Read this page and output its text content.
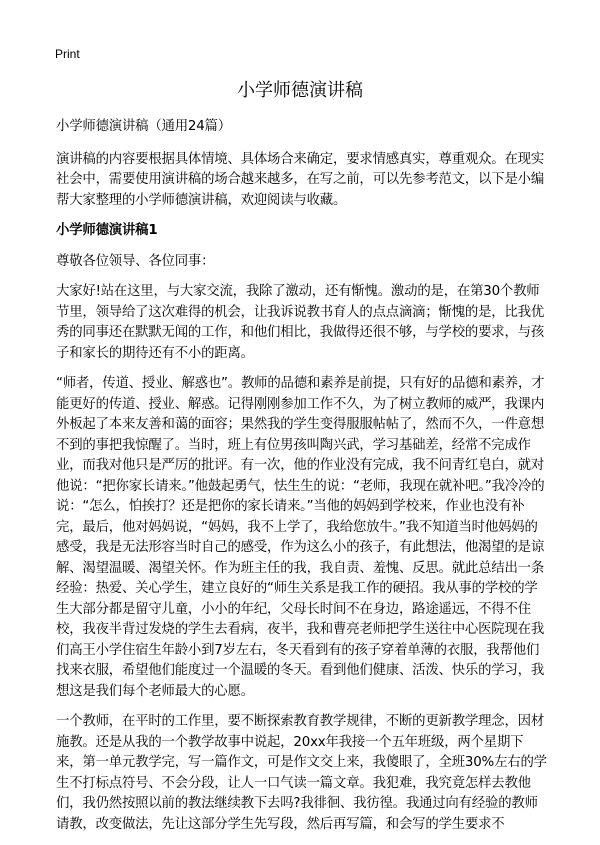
Print
小学师德演讲稿

小学师德演讲稿（通用24篇）

演讲稿的内容要根据具体情境、具体场合来确定，要求情感真实，尊重观众。在现实社会中，需要使用演讲稿的场合越来越多，在写之前，可以先参考范文，以下是小编帮大家整理的小学师德演讲稿，欢迎阅读与收藏。

小学师德演讲稿1

尊敬各位领导、各位同事：

大家好!站在这里，与大家交流，我除了激动，还有惭愧。激动的是，在第30个教师节里，领导给了这次难得的机会，让我诉说教书育人的点点滴滴；惭愧的是，比我优秀的同事还在默默无闻的工作，和他们相比，我做得还很不够，与学校的要求，与孩子和家长的期待还有不小的距离。

“师者，传道、授业、解惑也”。教师的品德和素养是前提，只有好的品德和素养，才能更好的传道、授业、解惑。记得刚刚参加工作不久，为了树立教师的威严，我课内外板起了本来友善和蔼的面容；果然我的学生变得服服帖帖了，然而不久，一件意想不到的事把我惊醒了。当时，班上有位男孩叫陶兴武，学习基础差，经常不完成作业，而我对他只是严厉的批评。有一次，他的作业没有完成，我不问青红皂白，就对他说：“把你家长请来。”他鼓起勇气，怯生生的说：“老师，我现在就补吧。”我冷冷的说：“怎么，怕挨打？还是把你的家长请来。”当他的妈妈到学校来，作业也没有补完，最后，他对妈妈说，“妈妈，我不上学了，我给您放牛。”我不知道当时他妈妈的感受，我是无法形容当时自己的感受，作为这么小的孩子，有此想法，他渴望的是谅解、渴望温暖、渴望关怀。作为班主任的我，我自责、羞愧、反思。就此总结出一条经验：热爱、关心学生，建立良好的“师生关系是我工作的硬招。我从事的学校的学生大部分都是留守儿童，小小的年纪，父母长时间不在身边，路途遥远，不得不住校，我夜半背过发烧的学生去看病，夜半，我和曹亮老师把学生送往中心医院现在我们高王小学住宿生年龄小到7岁左右，冬天看到有的孩子穿着单薄的衣服，我帮他们找来衣服，希望他们能度过一个温暖的冬天。看到他们健康、活泼、快乐的学习，我想这是我们每个老师最大的心愿。

一个教师，在平时的工作里，要不断探索教育教学规律，不断的更新教学理念，因材施教。还是从我的一个教学故事中说起，20xx年我接一个五年班级，两个星期下来，第一单元教学完，写一篇作文，可是作文交上来，我傻眼了，全班30%左右的学生不打标点符号、不会分段，让人一口气读一篇文章。我犯难，我究竟怎样去教他们，我仍然按照以前的教法继续教下去吗?我徘徊、我彷徨。我通过向有经验的教师请教，改变做法，先让这部分学生先写段，然后再写篇，和会写的学生要求不
